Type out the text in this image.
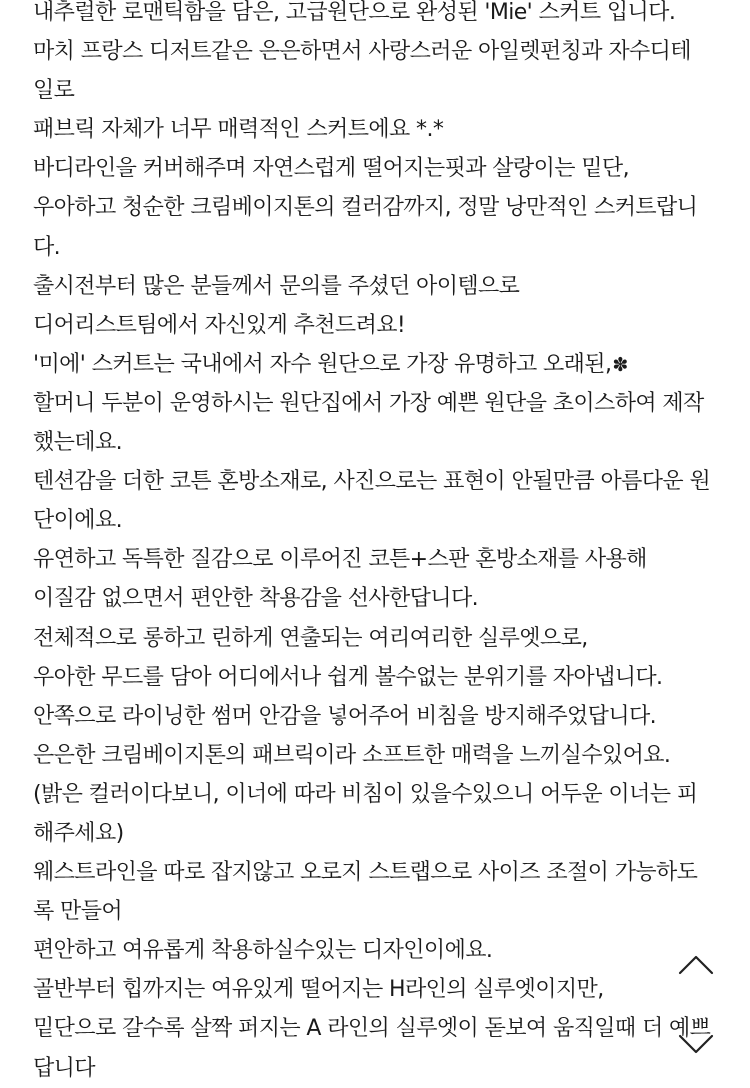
내추럴한 로맨틱함을 담은, 고급원단으로 완성된 'Mie' 스커트 입니다.
마치 프랑스 디저트같은 은은하면서 사랑스러운 아일렛펀칭과 자수디테
일로
패브릭 자체가 너무 매력적인 스커트에요 *.*
바디라인을 커버해주며 자연스럽게 떨어지는핏과 살랑이는 밑단,
우아하고 청순한 크림베이지톤의 컬러감까지, 정말 낭만적인 스커트랍니
다.
출시전부터 많은 분들께서 문의를 주셨던 아이템으로
디어리스트팀에서 자신있게 추천드려요!
'미에' 스커트는 국내에서 자수 원단으로 가장 유명하고 오래된,✽
할머니 두분이 운영하시는 원단집에서 가장 예쁜 원단을 초이스하여 제작
했는데요.
텐션감을 더한 코튼 혼방소재로, 사진으로는 표현이 안될만큼 아름다운 원
단이에요.
유연하고 독특한 질감으로 이루어진 코튼+스판 혼방소재를 사용해
이질감 없으면서 편안한 착용감을 선사한답니다.
전체적으로 롱하고 린하게 연출되는 여리여리한 실루엣으로,
우아한 무드를 담아 어디에서나 쉽게 볼수없는 분위기를 자아냅니다.
안쪽으로 라이닝한 썸머 안감을 넣어주어 비침을 방지해주었답니다.
은은한 크림베이지톤의 패브릭이라 소프트한 매력을 느끼실수있어요.
(밝은 컬러이다보니, 이너에 따라 비침이 있을수있으니 어두운 이너는 피
해주세요)
웨스트라인을 따로 잡지않고 오로지 스트랩으로 사이즈 조절이 가능하도
록 만들어
편안하고 여유롭게 착용하실수있는 디자인이에요.
골반부터 힙까지는 여유있게 떨어지는 H라인의 실루엣이지만,
밑단으로 갈수록 살짝 퍼지는 A 라인의 실루엣이 돋보여 움직일때 더 예쁘
답니다
